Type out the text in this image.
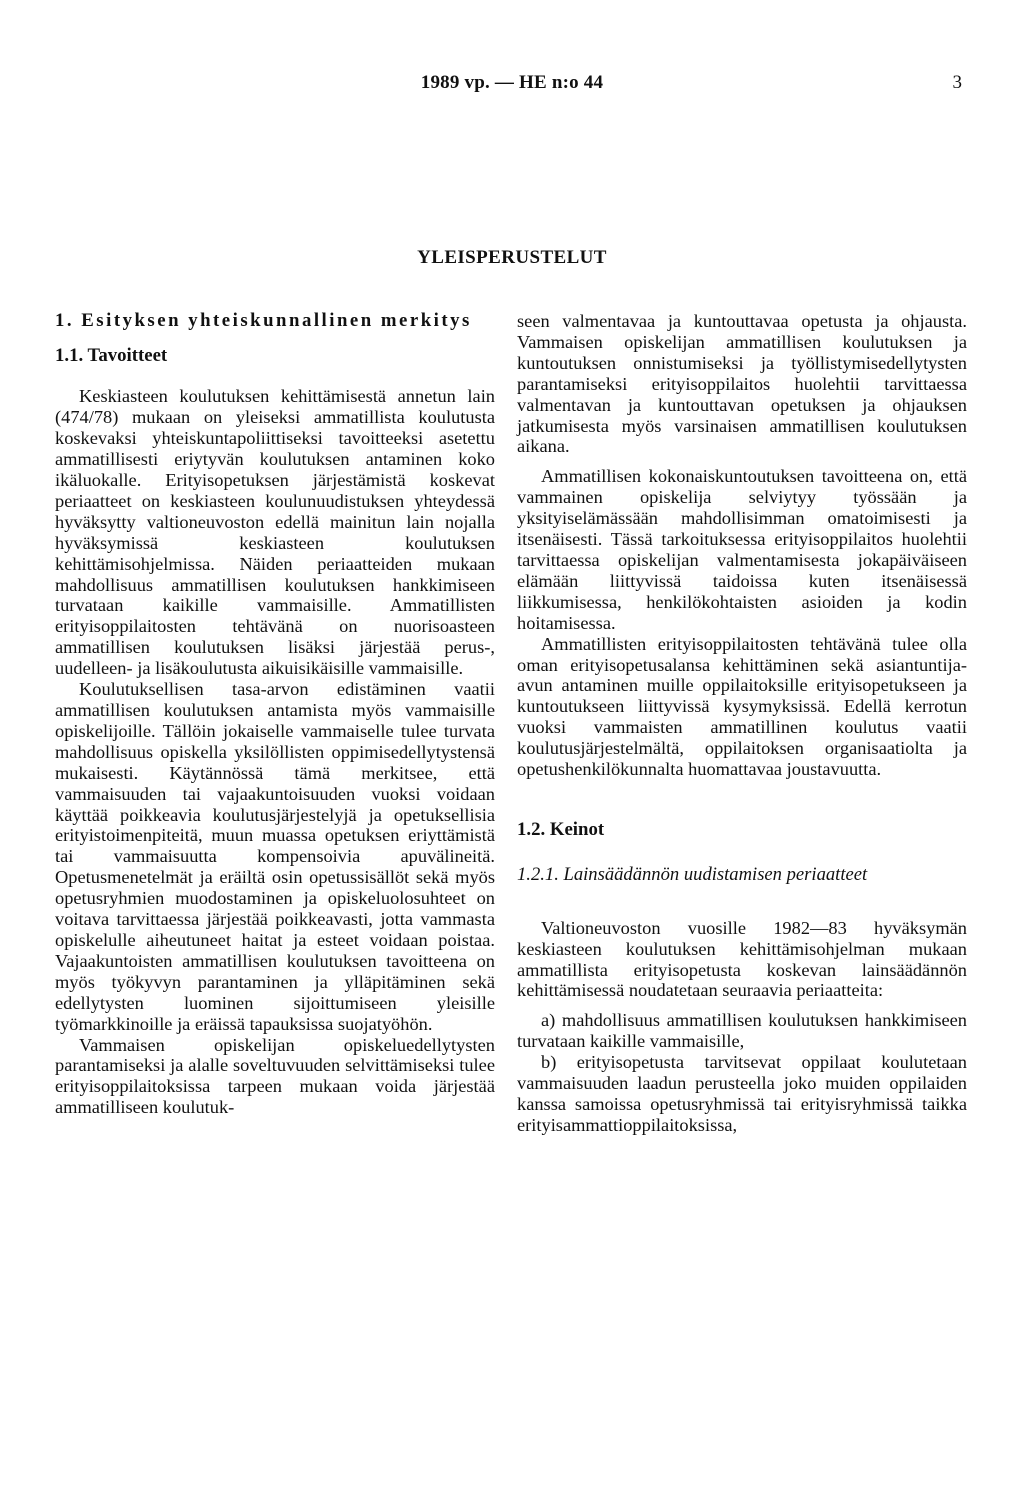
1989 vp. — HE n:o 44	3
YLEISPERUSTELUT
1. Esityksen yhteiskunnallinen merkitys
1.1. Tavoitteet

Keskiasteen koulutuksen kehittämisestä annetun lain (474/78) mukaan on yleiseksi ammatillista koulutusta koskevaksi yhteiskuntapoliittiseksi tavoitteeksi asetettu ammatillisesti eriytyvän koulutuksen antaminen koko ikäluokalle. Erityisopetuksen järjestämistä koskevat periaatteet on keskiasteen koulunuudistuksen yhteydessä hyväksytty valtioneuvoston edellä mainitun lain nojalla hyväksymissä keskiasteen koulutuksen kehittämisohjelmissa. Näiden periaatteiden mukaan mahdollisuus ammatillisen koulutuksen hankkimiseen turvataan kaikille vammaisille. Ammatillisten erityisoppilaitosten tehtävänä on nuorisoasteen ammatillisen koulutuksen lisäksi järjestää perus-, uudelleen- ja lisäkoulutusta aikuisikäisille vammaisille.

Koulutuksellisen tasa-arvon edistäminen vaatii ammatillisen koulutuksen antamista myös vammaisille opiskelijoille. Tällöin jokaiselle vammaiselle tulee turvata mahdollisuus opiskella yksilöllisten oppimisedellytystensä mukaisesti. Käytännössä tämä merkitsee, että vammaisuuden tai vajaakuntoisuuden vuoksi voidaan käyttää poikkeavia koulutusjärjestelyjä ja opetuksellisia erityistoimenpiteitä, muun muassa opetuksen eriyttämistä tai vammaisuutta kompensoivia apuvälineitä. Opetusmenetelmät ja eräiltä osin opetussisällöt sekä myös opetusryhmien muodostaminen ja opiskeluolosuhteet on voitava tarvittaessa järjestää poikkeavasti, jotta vammasta opiskelulle aiheutuneet haitat ja esteet voidaan poistaa. Vajaakuntoisten ammatillisen koulutuksen tavoitteena on myös työkyvyn parantaminen ja ylläpitäminen sekä edellytysten luominen sijoittumiseen yleisille työmarkkinoille ja eräissä tapauksissa suojatyöhön.

Vammaisen opiskelijan opiskeluedellytysten parantamiseksi ja alalle soveltuvuuden selvittämiseksi tulee erityisoppilaitoksissa tarpeen mukaan voida järjestää ammatilliseen koulutuk-

seen valmentavaa ja kuntouttavaa opetusta ja ohjausta. Vammaisen opiskelijan ammatillisen koulutuksen ja kuntoutuksen onnistumiseksi ja työllistymisedellytysten parantamiseksi erityisoppilaitos huolehtii tarvittaessa valmentavan ja kuntouttavan opetuksen ja ohjauksen jatkumisesta myös varsinaisen ammatillisen koulutuksen aikana.

Ammatillisen kokonaiskuntoutuksen tavoitteena on, että vammainen opiskelija selviytyy työssään ja yksityiselämässään mahdollisimman omatoimisesti ja itsenäisesti. Tässä tarkoituksessa erityisoppilaitos huolehtii tarvittaessa opiskelijan valmentamisesta jokapäiväiseen elämään liittyvissä taidoissa kuten itsenäisessä liikkumisessa, henkilökohtaisten asioiden ja kodin hoitamisessa.

Ammatillisten erityisoppilaitosten tehtävänä tulee olla oman erityisopetusalansa kehittäminen sekä asiantuntija-avun antaminen muille oppilaitoksille erityisopetukseen ja kuntoutukseen liittyvissä kysymyksissä. Edellä kerrotun vuoksi vammaisten ammatillinen koulutus vaatii koulutusjärjestelmältä, oppilaitoksen organisaatiolta ja opetushenkilökunnalta huomattavaa joustavuutta.

1.2. Keinot
1.2.1. Lainsäädännön uudistamisen periaatteet

Valtioneuvoston vuosille 1982—83 hyväksymän keskiasteen koulutuksen kehittämisohjelman mukaan ammatillista erityisopetusta koskevan lainsäädännön kehittämisessä noudatetaan seuraavia periaatteita:

a) mahdollisuus ammatillisen koulutuksen hankkimiseen turvataan kaikille vammaisille,

b) erityisopetusta tarvitsevat oppilaat koulutetaan vammaisuuden laadun perusteella joko muiden oppilaiden kanssa samoissa opetusryhmissä tai erityisryhmissä taikka erityisammattioppilaitoksissa,
